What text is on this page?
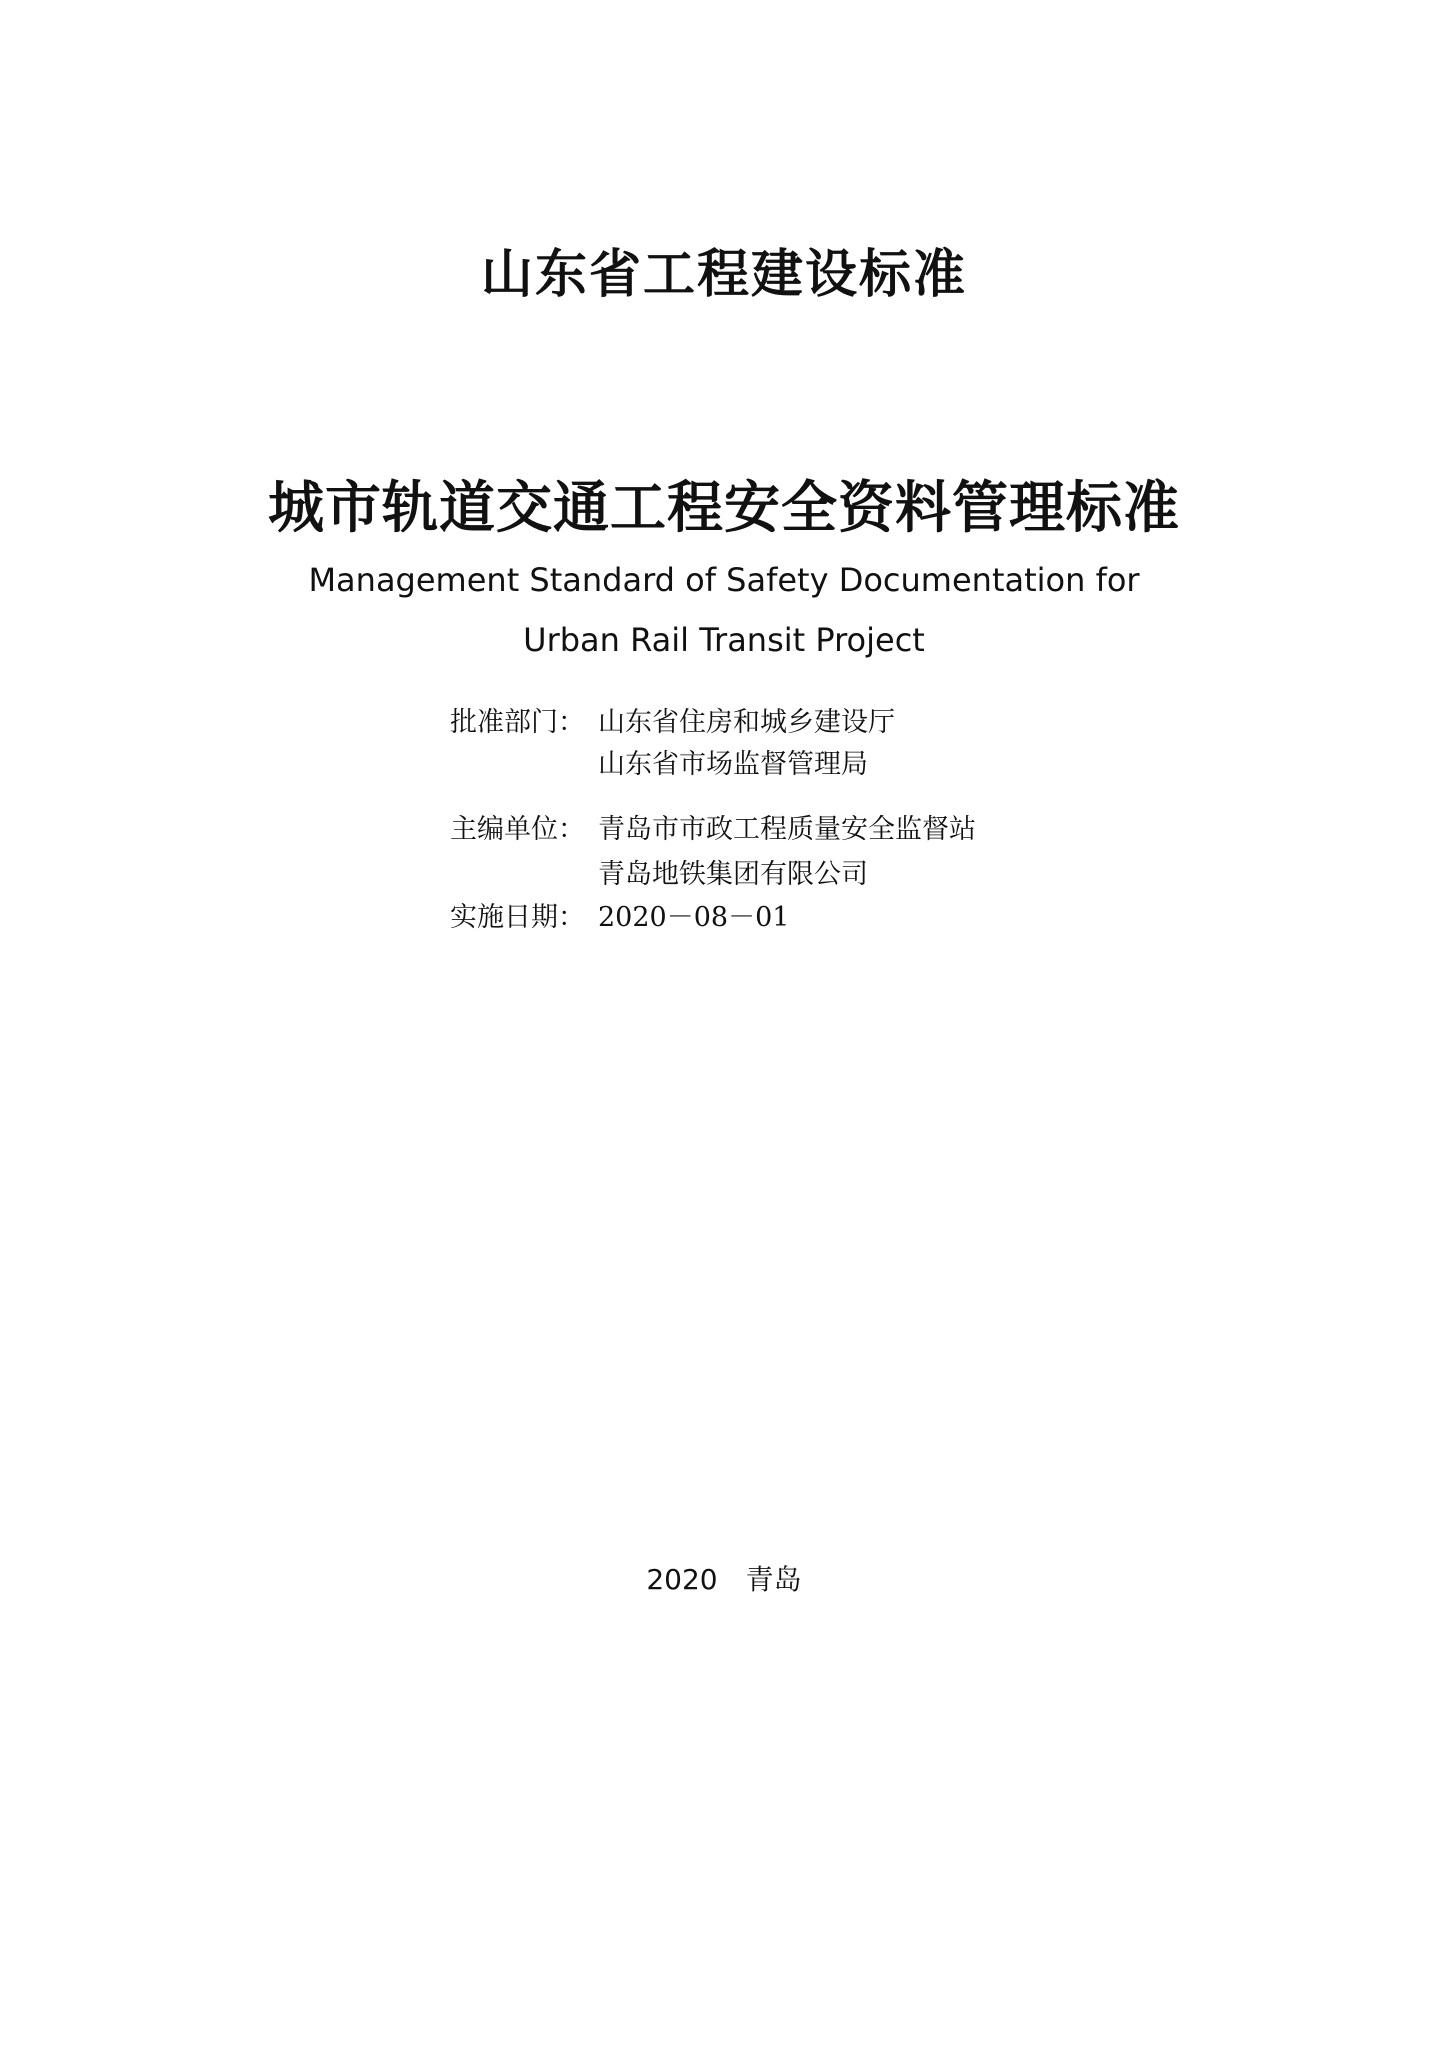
山东省工程建设标准
城市轨道交通工程安全资料管理标准

Management Standard of Safety Documentation for

Urban Rail Transit Project

批准部门： 山东省住房和城乡建设厅
山东省市场监督管理局
主编单位： 青岛市市政工程质量安全监督站
青岛地铁集团有限公司
实施日期： 2020－08－01

2020 青岛
